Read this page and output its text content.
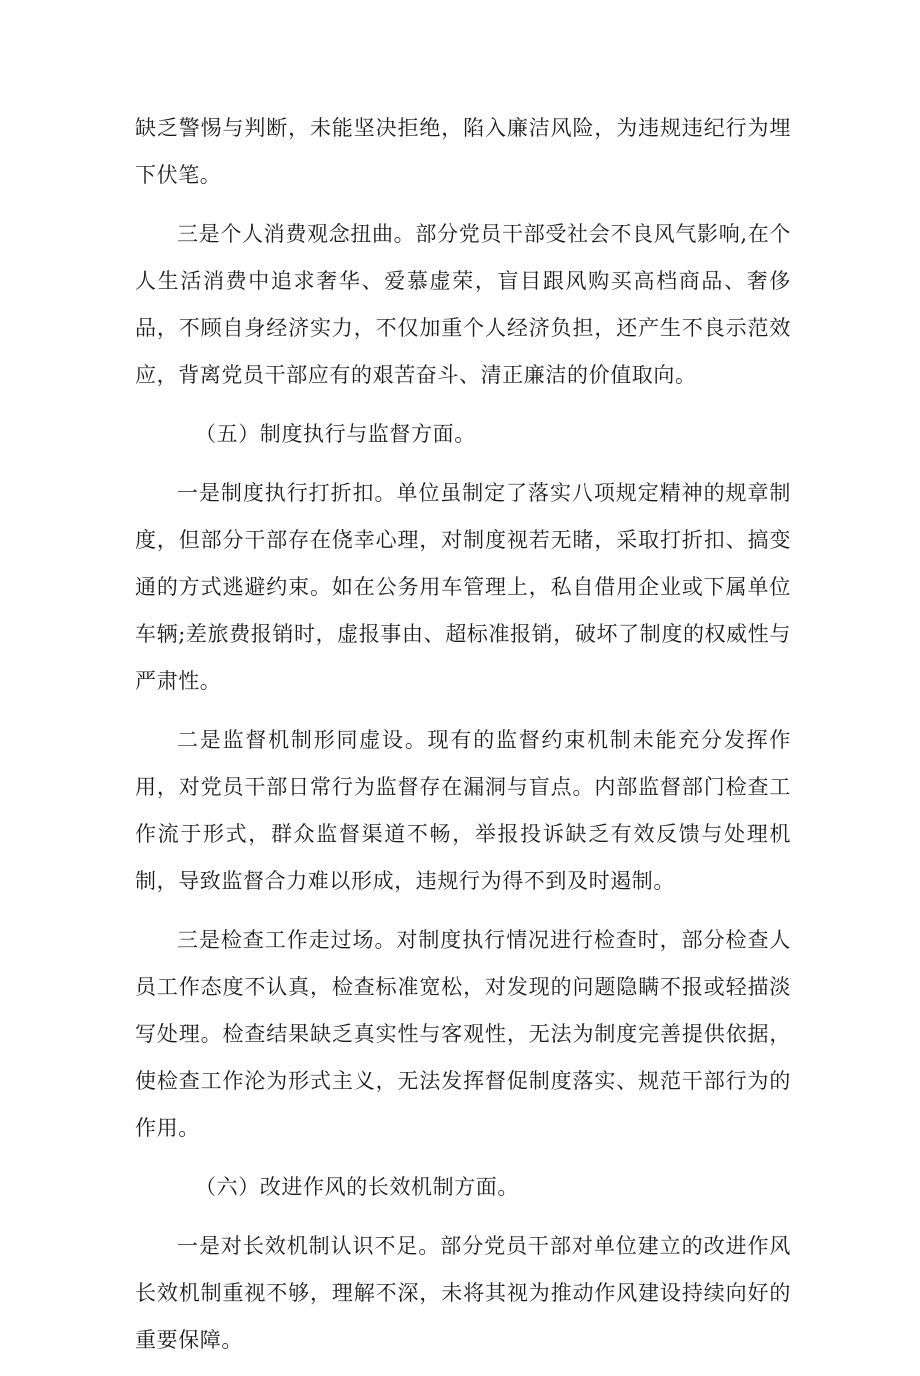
缺乏警惕与判断，未能坚决拒绝，陷入廉洁风险，为违规违纪行为埋下伏笔。

三是个人消费观念扭曲。部分党员干部受社会不良风气影响,在个人生活消费中追求奢华、爱慕虚荣，盲目跟风购买高档商品、奢侈品，不顾自身经济实力，不仅加重个人经济负担，还产生不良示范效应，背离党员干部应有的艰苦奋斗、清正廉洁的价值取向。

（五）制度执行与监督方面。

一是制度执行打折扣。单位虽制定了落实八项规定精神的规章制度，但部分干部存在侥幸心理，对制度视若无睹，采取打折扣、搞变通的方式逃避约束。如在公务用车管理上，私自借用企业或下属单位车辆;差旅费报销时，虚报事由、超标准报销，破坏了制度的权威性与严肃性。

二是监督机制形同虚设。现有的监督约束机制未能充分发挥作用，对党员干部日常行为监督存在漏洞与盲点。内部监督部门检查工作流于形式，群众监督渠道不畅，举报投诉缺乏有效反馈与处理机制，导致监督合力难以形成，违规行为得不到及时遏制。

三是检查工作走过场。对制度执行情况进行检查时，部分检查人员工作态度不认真，检查标准宽松，对发现的问题隐瞒不报或轻描淡写处理。检查结果缺乏真实性与客观性，无法为制度完善提供依据，使检查工作沦为形式主义，无法发挥督促制度落实、规范干部行为的作用。

（六）改进作风的长效机制方面。

一是对长效机制认识不足。部分党员干部对单位建立的改进作风长效机制重视不够，理解不深，未将其视为推动作风建设持续向好的重要保障。
